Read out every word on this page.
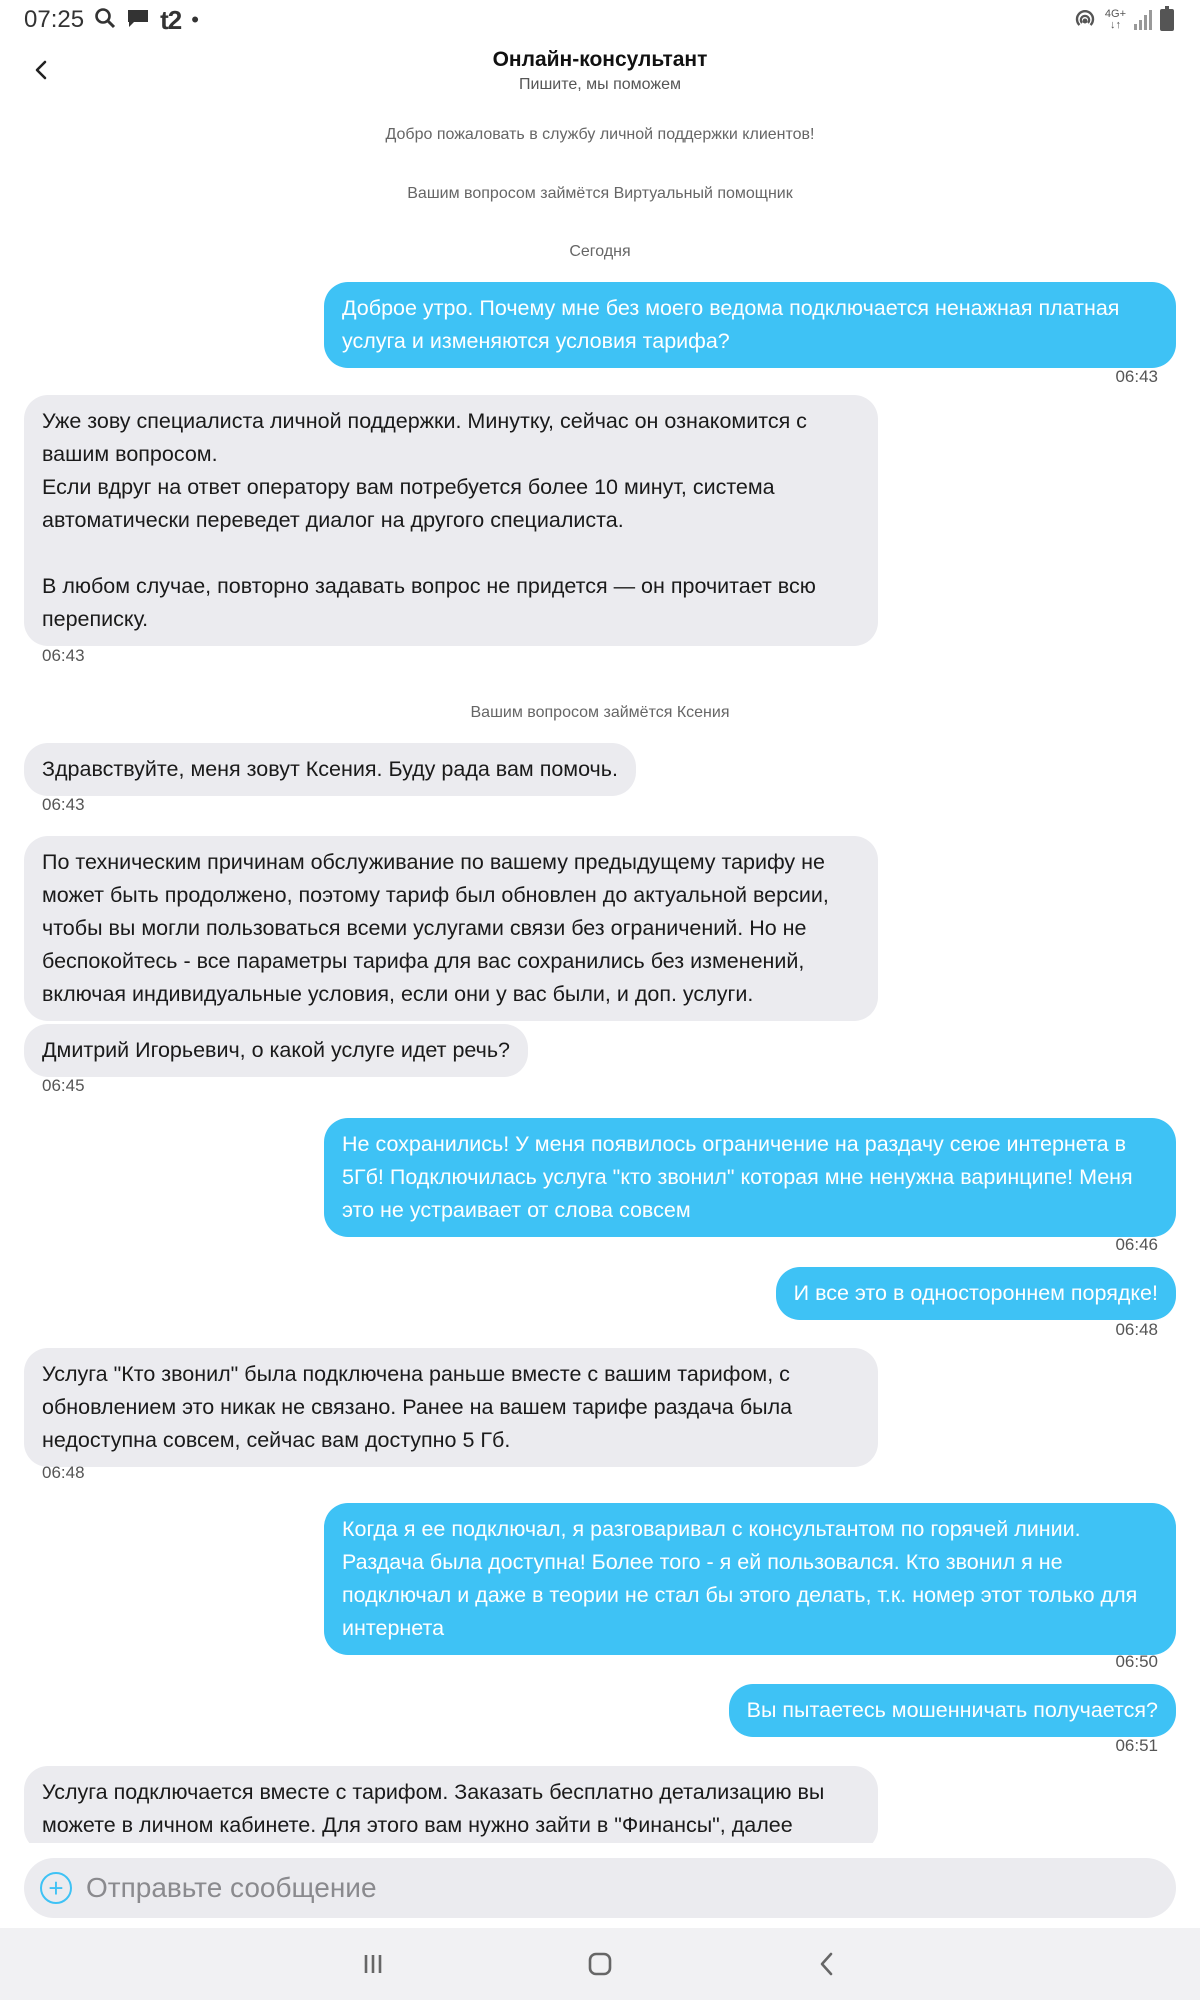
07:25	t2 •	4G+
↓↑
Онлайн-консультант
Пишите, мы поможем
Добро пожаловать в службу личной поддержки клиентов!
Вашим вопросом займётся Виртуальный помощник
Сегодня
Доброе утро. Почему мне без моего ведома подключается ненажная платная услуга и изменяются условия тарифа?
06:43
Уже зову специалиста личной поддержки. Минутку, сейчас он ознакомится с вашим вопросом.
Если вдруг на ответ оператору вам потребуется более 10 минут, система автоматически переведет диалог на другого специалиста.

В любом случае, повторно задавать вопрос не придется — он прочитает всю переписку.
06:43
Вашим вопросом займётся Ксения
Здравствуйте, меня зовут Ксения. Буду рада вам помочь.
06:43
По техническим причинам обслуживание по вашему предыдущему тарифу не может быть продолжено, поэтому тариф был обновлен до актуальной версии, чтобы вы могли пользоваться всеми услугами связи без ограничений. Но не беспокойтесь - все параметры тарифа для вас сохранились без изменений, включая индивидуальные условия, если они у вас были, и доп. услуги.
Дмитрий Игорьевич, о какой услуге идет речь?
06:45
Не сохранились! У меня появилось ограничение на раздачу сеюе интернета в 5Гб! Подключилась услуга "кто звонил" которая мне ненужна варинципе! Меня это не устраивает от слова совсем
06:46
И все это в одностороннем порядке!
06:48
Услуга "Кто звонил" была подключена раньше вместе с вашим тарифом, с обновлением это никак не связано. Ранее на вашем тарифе раздача была недоступна совсем, сейчас вам доступно 5 Гб.
06:48
Когда я ее подключал, я разговаривал с консультантом по горячей линии. Раздача была доступна! Более того - я ей пользовался. Кто звонил я не подключал и даже в теории не стал бы этого делать, т.к. номер этот только для интернета
06:50
Вы пытаетесь мошенничать получается?
06:51
Услуга подключается вместе с тарифом. Заказать бесплатно детализацию вы можете в личном кабинете. Для этого вам нужно зайти в "Финансы", далее
+
Отправьте сообщение
